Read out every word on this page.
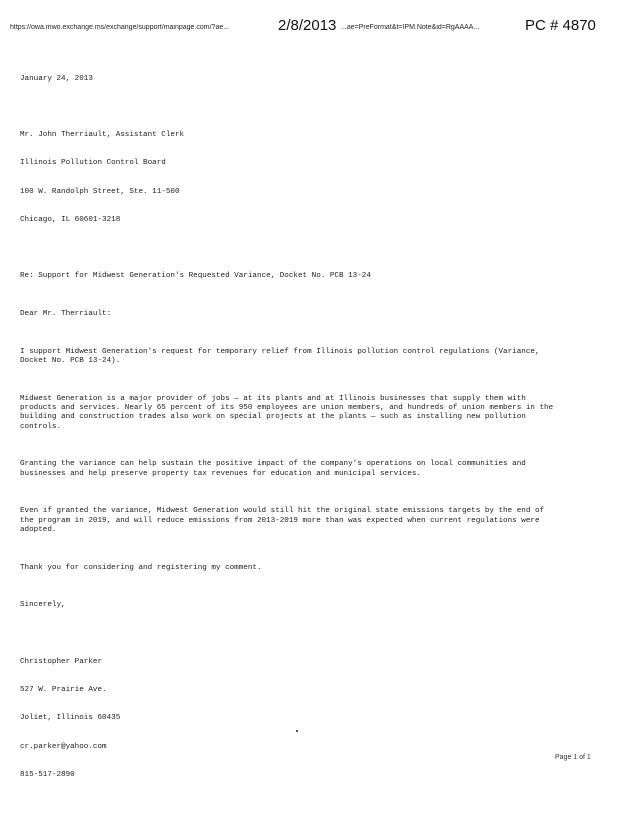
https://owa.mwo.exchange.ms/exchange/support/mainpage.com/?ae...	2/8/2013 ...ae=PreFormat&t=IPM.Note&id=RgAAAA...	PC # 4870

January 24, 2013

Mr. John Therriault, Assistant Clerk

Illinois Pollution Control Board

100 W. Randolph Street, Ste. 11-500

Chicago, IL 60601-3218

Re: Support for Midwest Generation's Requested Variance, Docket No. PCB 13-24

Dear Mr. Therriault:

I support Midwest Generation's request for temporary relief from Illinois pollution control regulations (Variance, Docket No. PCB 13-24).

Midwest Generation is a major provider of jobs — at its plants and at Illinois businesses that supply them with products and services. Nearly 65 percent of its 950 employees are union members, and hundreds of union members in the building and construction trades also work on special projects at the plants — such as installing new pollution controls.

Granting the variance can help sustain the positive impact of the company's operations on local communities and businesses and help preserve property tax revenues for education and municipal services.

Even if granted the variance, Midwest Generation would still hit the original state emissions targets by the end of the program in 2019, and will reduce emissions from 2013-2019 more than was expected when current regulations were adopted.

Thank you for considering and registering my comment.

Sincerely,

Christopher Parker

527 W. Prairie Ave.

Joliet, Illinois 60435

cr.parker@yahoo.com

815-517-2890

Page 1 of 1
